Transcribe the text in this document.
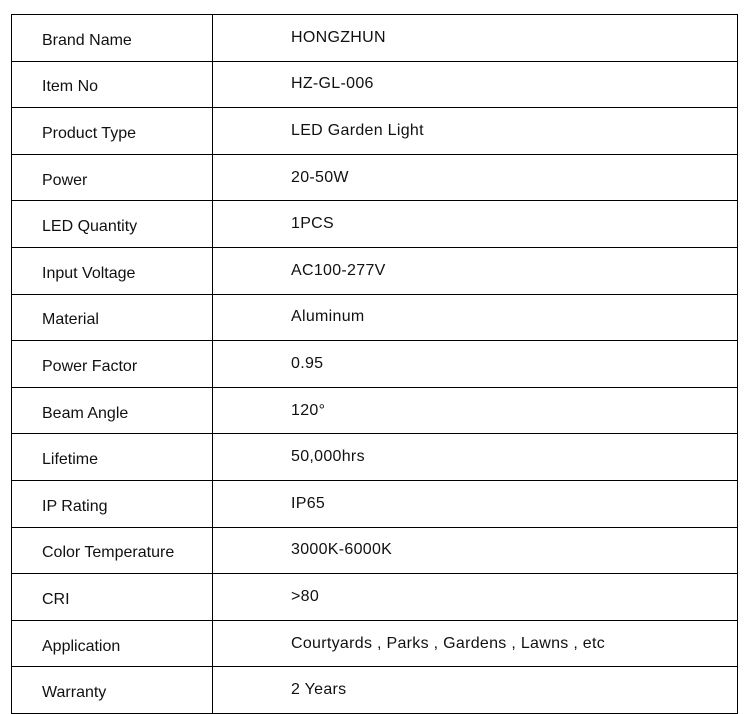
Brand Name	HONGZHUN
Item No	HZ-GL-006
Product Type	LED Garden Light
Power	20-50W
LED Quantity	1PCS
Input Voltage	AC100-277V
Material	Aluminum
Power Factor	0.95
Beam Angle	120°
Lifetime	50,000hrs
IP Rating	IP65
Color Temperature	3000K-6000K
CRI	>80
Application	Courtyards , Parks , Gardens , Lawns , etc
Warranty	2 Years
